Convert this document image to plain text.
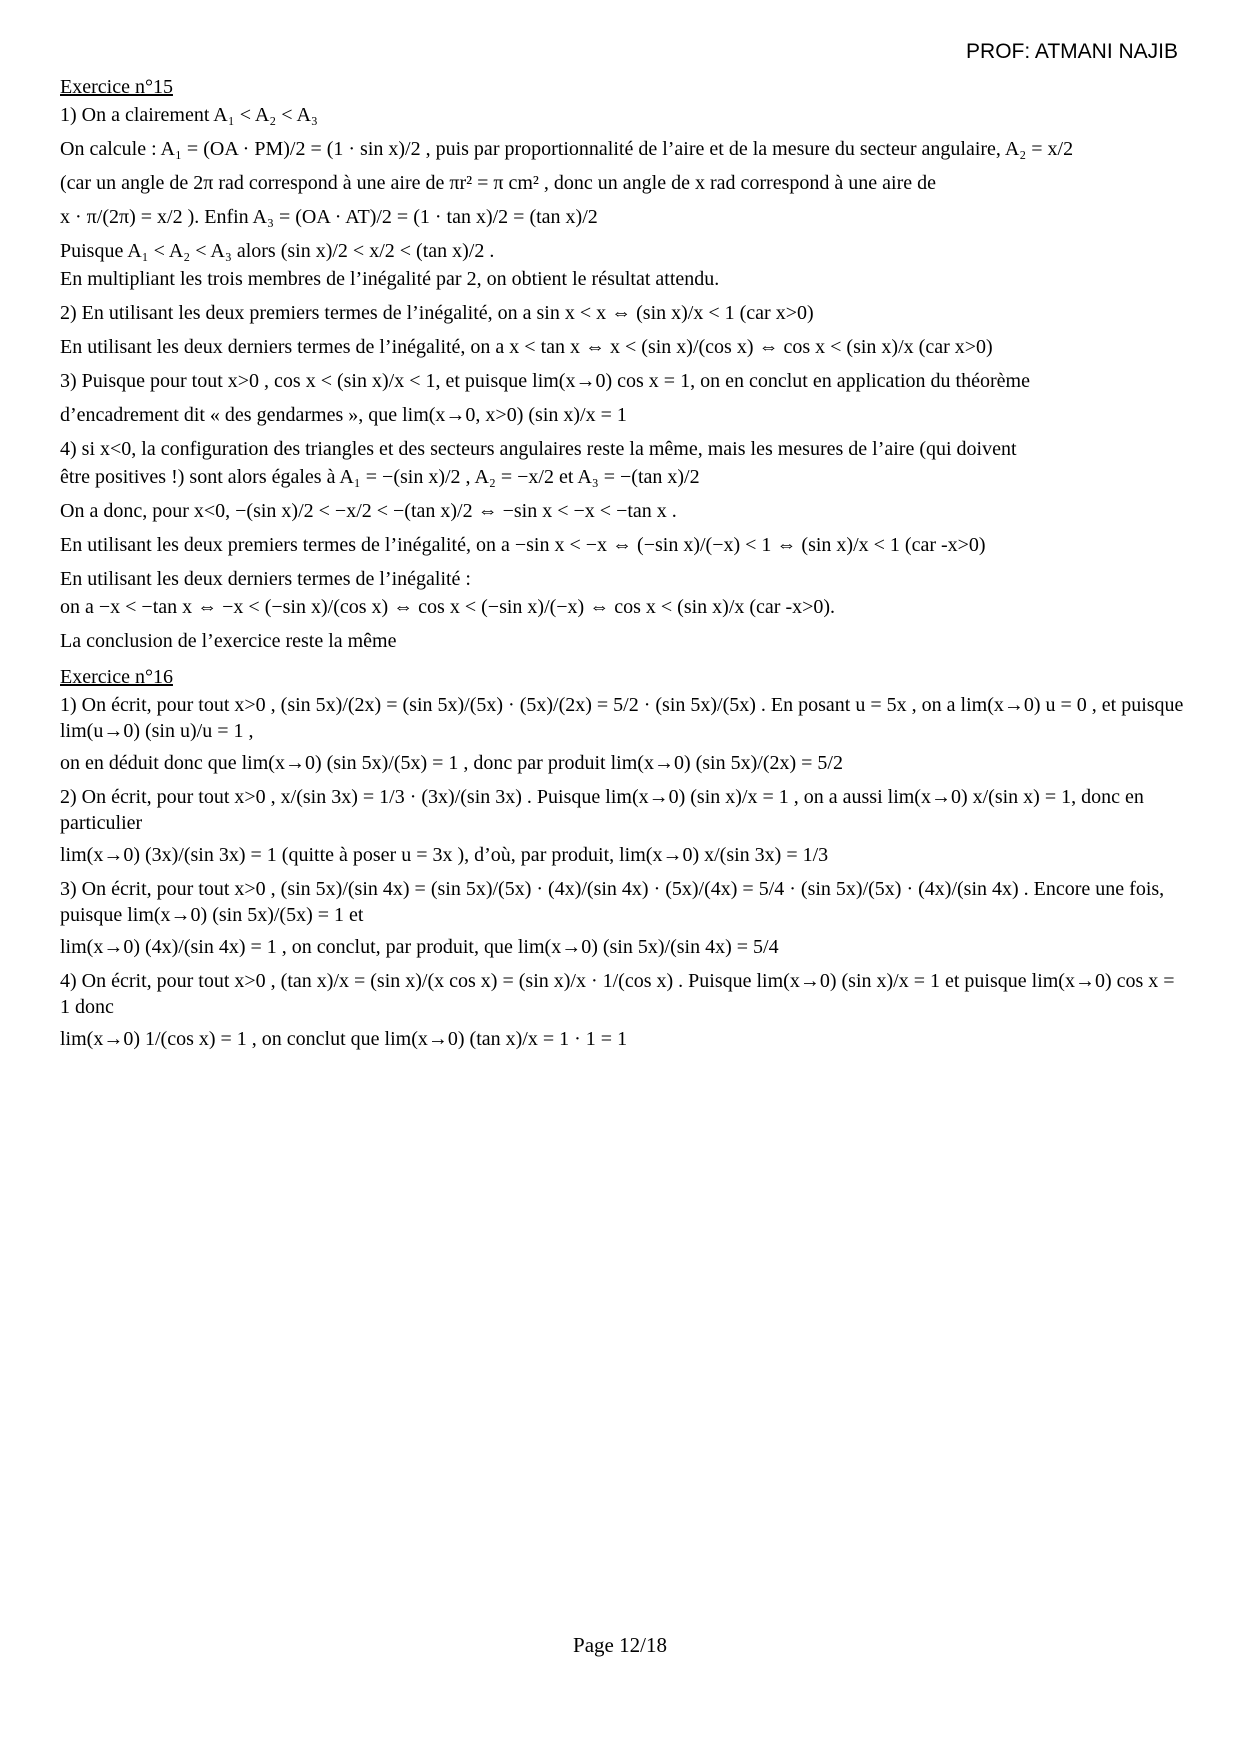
PROF: ATMANI NAJIB

Exercice n°15

1) On a clairement A₁ < A₂ < A₃

On calcule : A₁ = (OA · PM)/2 = (1 · sin x)/2 , puis par proportionnalité de l’aire et de la mesure du secteur angulaire, A₂ = x/2

(car un angle de 2π rad correspond à une aire de πr² = π cm² , donc un angle de x rad correspond à une aire de

x · π/(2π) = x/2 ). Enfin A₃ = (OA · AT)/2 = (1 · tan x)/2 = (tan x)/2

Puisque A₁ < A₂ < A₃ alors (sin x)/2 < x/2 < (tan x)/2 .

En multipliant les trois membres de l’inégalité par 2, on obtient le résultat attendu.

2) En utilisant les deux premiers termes de l’inégalité, on a sin x < x ⇔ (sin x)/x < 1 (car x>0)

En utilisant les deux derniers termes de l’inégalité, on a x < tan x ⇔ x < (sin x)/(cos x) ⇔ cos x < (sin x)/x (car x>0)

3) Puisque pour tout x>0 , cos x < (sin x)/x < 1, et puisque lim(x→0) cos x = 1, on en conclut en application du théorème

d’encadrement dit « des gendarmes », que lim(x→0, x>0) (sin x)/x = 1

4) si x<0, la configuration des triangles et des secteurs angulaires reste la même, mais les mesures de l’aire (qui doivent

être positives !) sont alors égales à A₁ = −(sin x)/2 , A₂ = −x/2 et A₃ = −(tan x)/2

On a donc, pour x<0, −(sin x)/2 < −x/2 < −(tan x)/2 ⇔ −sin x < −x < −tan x .

En utilisant les deux premiers termes de l’inégalité, on a −sin x < −x ⇔ (−sin x)/(−x) < 1 ⇔ (sin x)/x < 1 (car -x>0)

En utilisant les deux derniers termes de l’inégalité :

on a −x < −tan x ⇔ −x < (−sin x)/(cos x) ⇔ cos x < (−sin x)/(−x) ⇔ cos x < (sin x)/x (car -x>0).

La conclusion de l’exercice reste la même

Exercice n°16

1) On écrit, pour tout x>0 , (sin 5x)/(2x) = (sin 5x)/(5x) · (5x)/(2x) = 5/2 · (sin 5x)/(5x) . En posant u = 5x , on a lim(x→0) u = 0 , et puisque lim(u→0) (sin u)/u = 1 ,

on en déduit donc que lim(x→0) (sin 5x)/(5x) = 1 , donc par produit lim(x→0) (sin 5x)/(2x) = 5/2

2) On écrit, pour tout x>0 , x/(sin 3x) = 1/3 · (3x)/(sin 3x) . Puisque lim(x→0) (sin x)/x = 1 , on a aussi lim(x→0) x/(sin x) = 1, donc en particulier

lim(x→0) (3x)/(sin 3x) = 1 (quitte à poser u = 3x ), d’où, par produit, lim(x→0) x/(sin 3x) = 1/3

3) On écrit, pour tout x>0 , (sin 5x)/(sin 4x) = (sin 5x)/(5x) · (4x)/(sin 4x) · (5x)/(4x) = 5/4 · (sin 5x)/(5x) · (4x)/(sin 4x) . Encore une fois, puisque lim(x→0) (sin 5x)/(5x) = 1 et

lim(x→0) (4x)/(sin 4x) = 1 , on conclut, par produit, que lim(x→0) (sin 5x)/(sin 4x) = 5/4

4) On écrit, pour tout x>0 , (tan x)/x = (sin x)/(x cos x) = (sin x)/x · 1/(cos x) . Puisque lim(x→0) (sin x)/x = 1 et puisque lim(x→0) cos x = 1 donc

lim(x→0) 1/(cos x) = 1 , on conclut que lim(x→0) (tan x)/x = 1 · 1 = 1

Page 12/18
